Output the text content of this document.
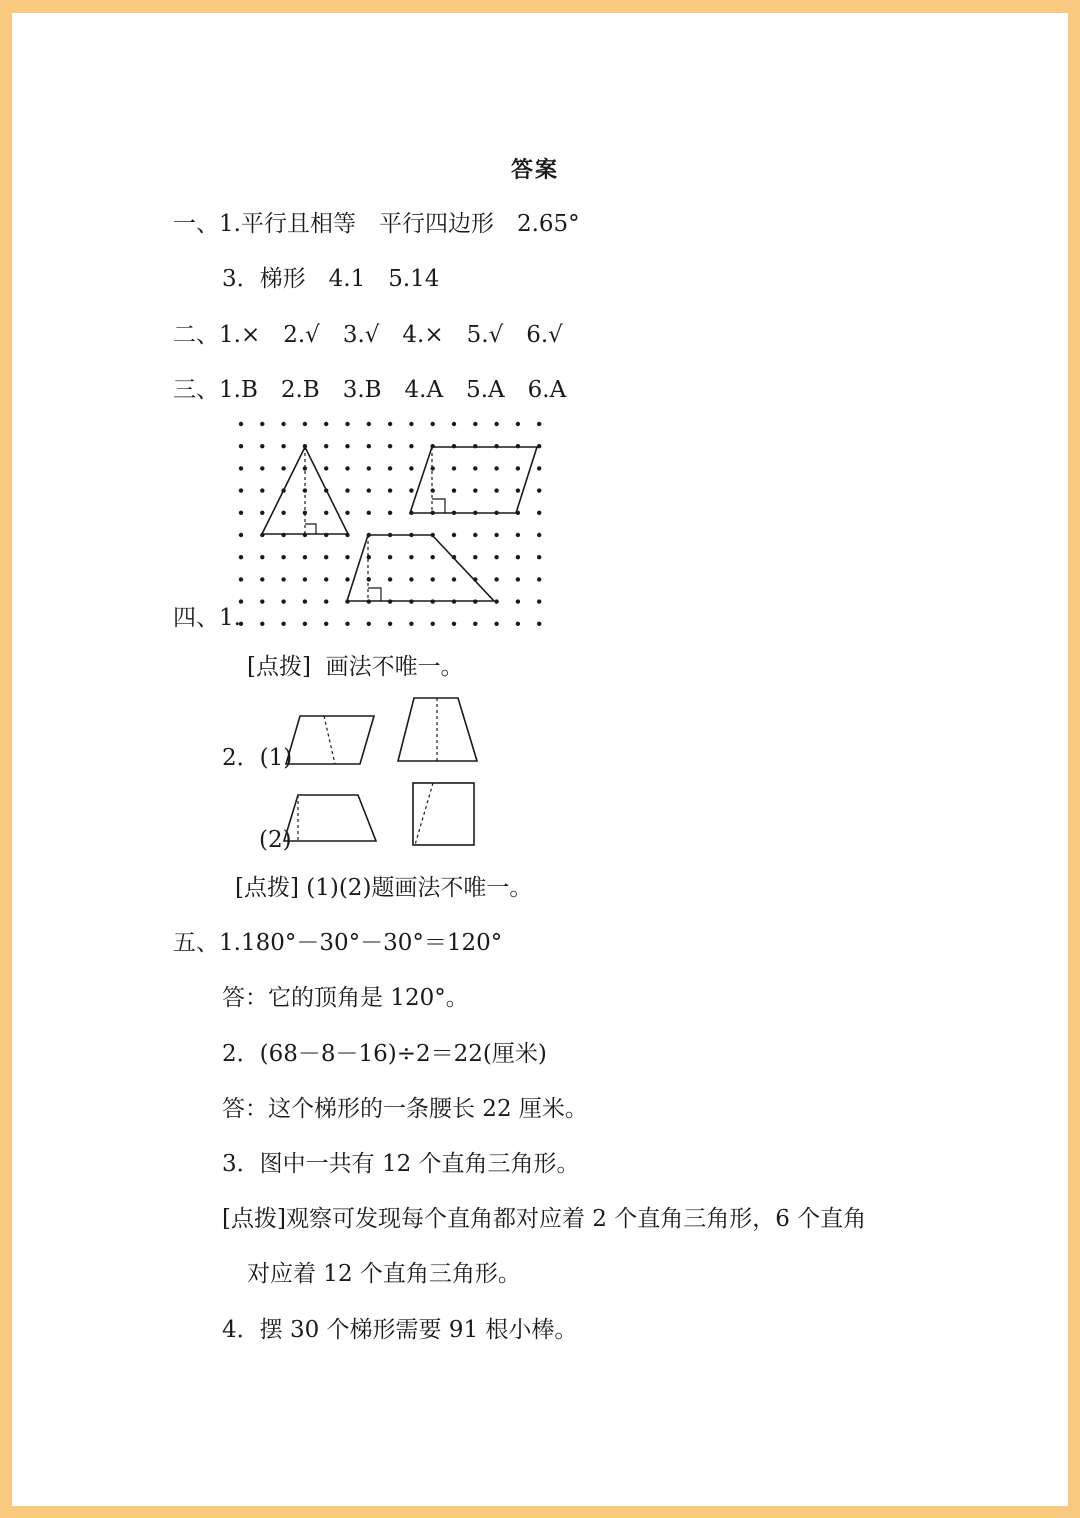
答案
一、1.平行且相等　平行四边形　2.65°
3．梯形　4.1　5.14
二、1.×　2.√　3.√　4.×　5.√　6.√
三、1.B　2.B　3.B　4.A　5.A　6.A
四、1.
[点拨]  画法不唯一。
2．(1)
(2)
[点拨] (1)(2)题画法不唯一。
五、1.180°－30°－30°＝120°
答：它的顶角是 120°。
2．(68－8－16)÷2＝22(厘米)
答：这个梯形的一条腰长 22 厘米。
3．图中一共有 12 个直角三角形。
[点拨]观察可发现每个直角都对应着 2 个直角三角形，6 个直角
对应着 12 个直角三角形。
4．摆 30 个梯形需要 91 根小棒。
